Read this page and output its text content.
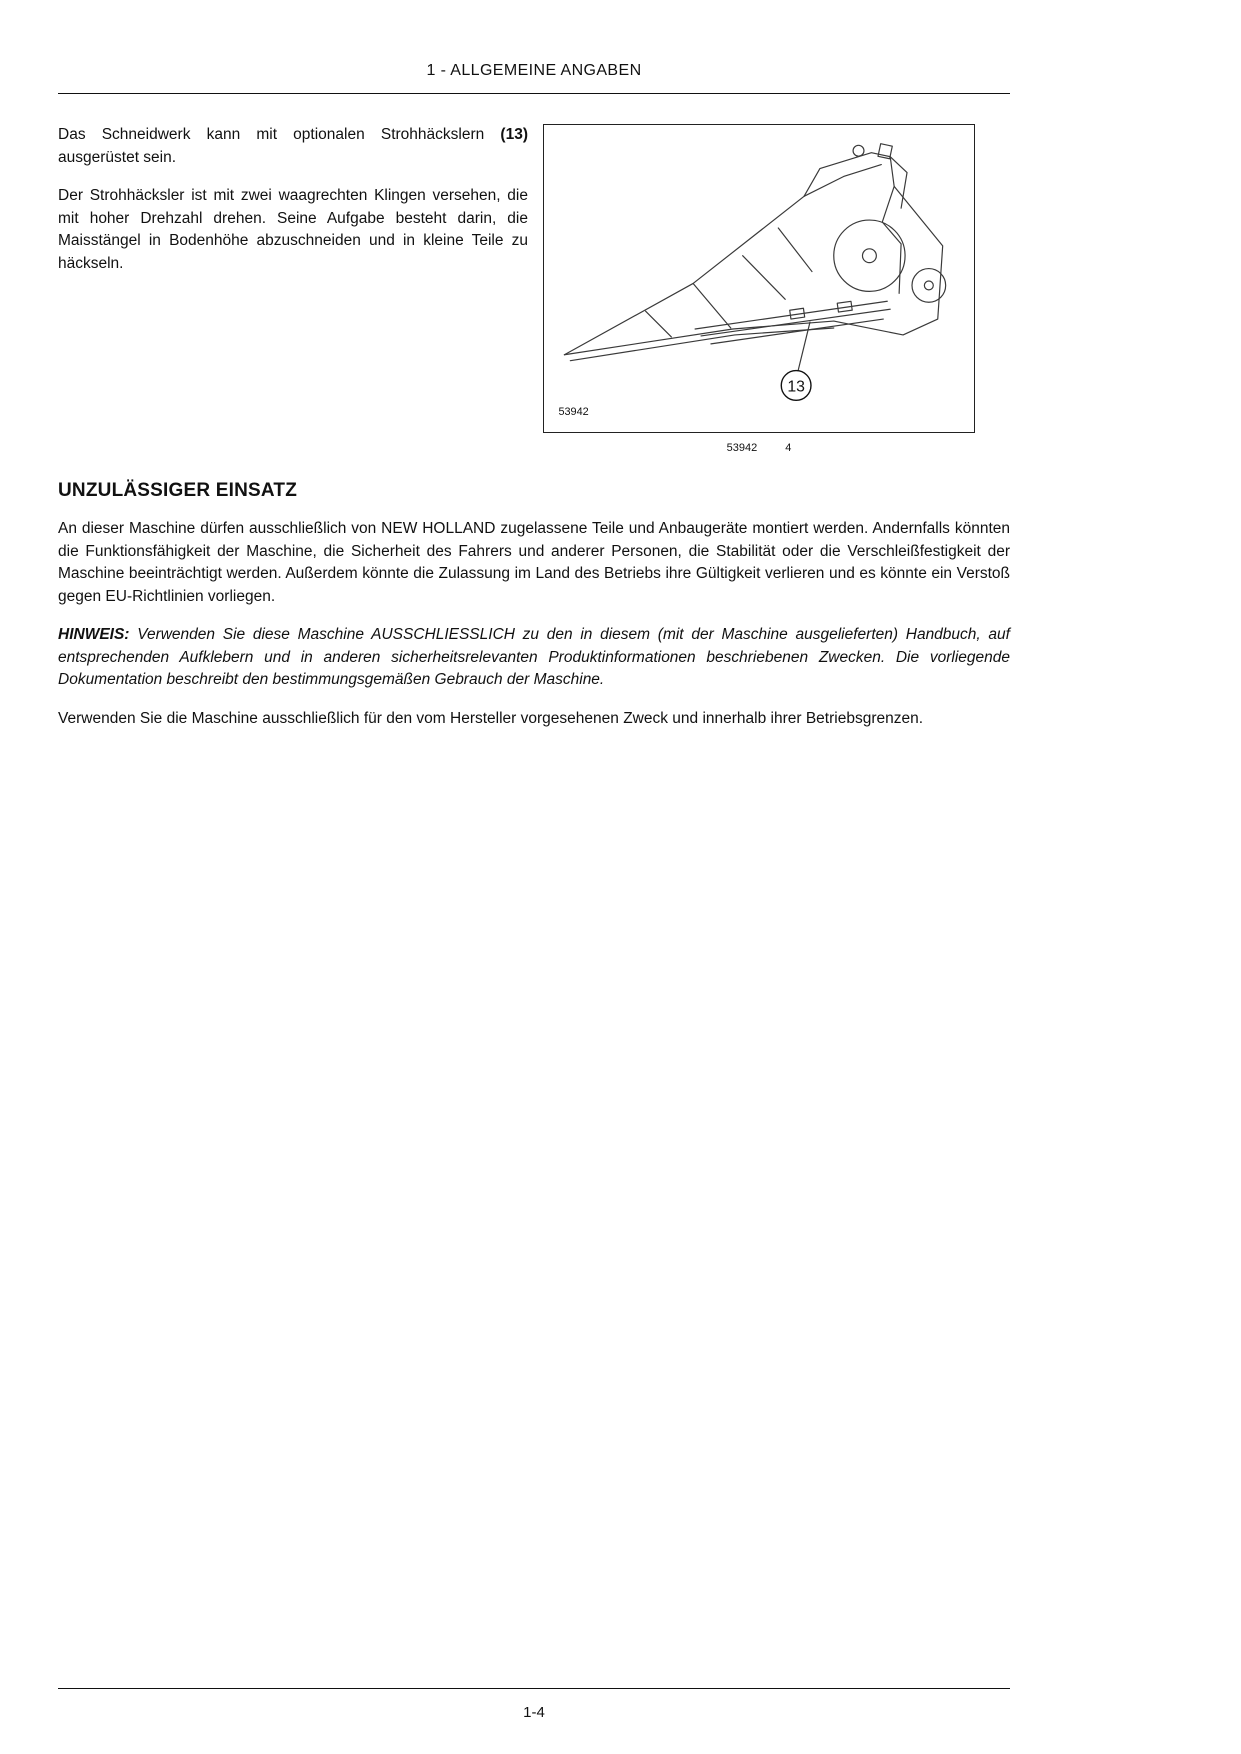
1 - ALLGEMEINE ANGABEN

Das Schneidwerk kann mit optionalen Strohhäckslern (13) ausgerüstet sein.

Der Strohhäcksler ist mit zwei waagrechten Klingen versehen, die mit hoher Drehzahl drehen. Seine Aufgabe besteht darin, die Maisstängel in Bodenhöhe abzuschneiden und in kleine Teile zu häckseln.

13
53942
53942	4
UNZULÄSSIGER EINSATZ

An dieser Maschine dürfen ausschließlich von NEW HOLLAND zugelassene Teile und Anbaugeräte montiert werden. Andernfalls könnten die Funktionsfähigkeit der Maschine, die Sicherheit des Fahrers und anderer Personen, die Stabilität oder die Verschleißfestigkeit der Maschine beeinträchtigt werden. Außerdem könnte die Zulassung im Land des Betriebs ihre Gültigkeit verlieren und es könnte ein Verstoß gegen EU-Richtlinien vorliegen.

HINWEIS: Verwenden Sie diese Maschine AUSSCHLIESSLICH zu den in diesem (mit der Maschine ausgelieferten) Handbuch, auf entsprechenden Aufklebern und in anderen sicherheitsrelevanten Produktinformationen beschriebenen Zwecken. Die vorliegende Dokumentation beschreibt den bestimmungsgemäßen Gebrauch der Maschine.

Verwenden Sie die Maschine ausschließlich für den vom Hersteller vorgesehenen Zweck und innerhalb ihrer Betriebsgrenzen.

1-4
